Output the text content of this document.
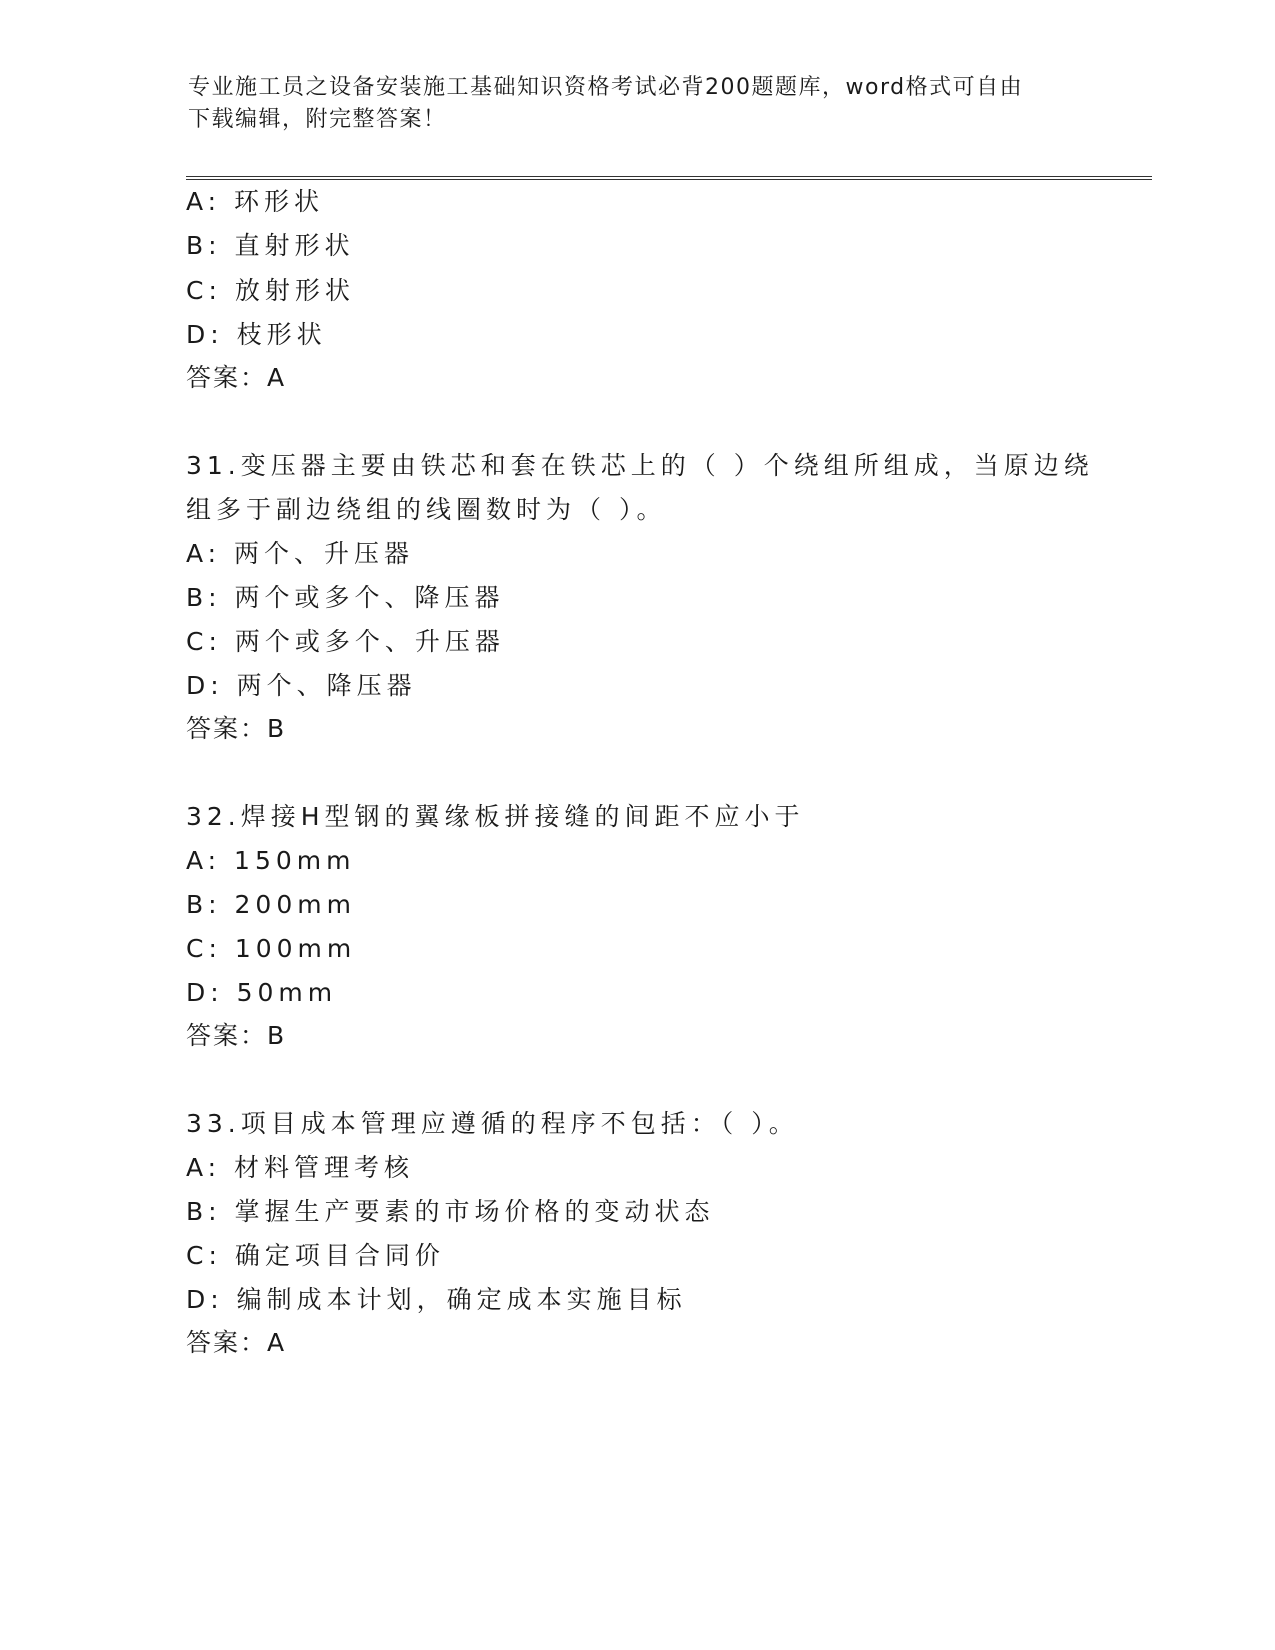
专业施工员之设备安装施工基础知识资格考试必背200题题库，word格式可自由
下载编辑，附完整答案！
A: 环形状
B: 直射形状
C: 放射形状
D: 枝形状
答案：A
31.变压器主要由铁芯和套在铁芯上的（ ）个绕组所组成，当原边绕
组多于副边绕组的线圈数时为（ ）。
A: 两个、升压器
B: 两个或多个、降压器
C: 两个或多个、升压器
D: 两个、降压器
答案：B
32.焊接H型钢的翼缘板拼接缝的间距不应小于
A: 150mm
B: 200mm
C: 100mm
D: 50mm
答案：B
33.项目成本管理应遵循的程序不包括：（ ）。
A: 材料管理考核
B: 掌握生产要素的市场价格的变动状态
C: 确定项目合同价
D: 编制成本计划，确定成本实施目标
答案：A
